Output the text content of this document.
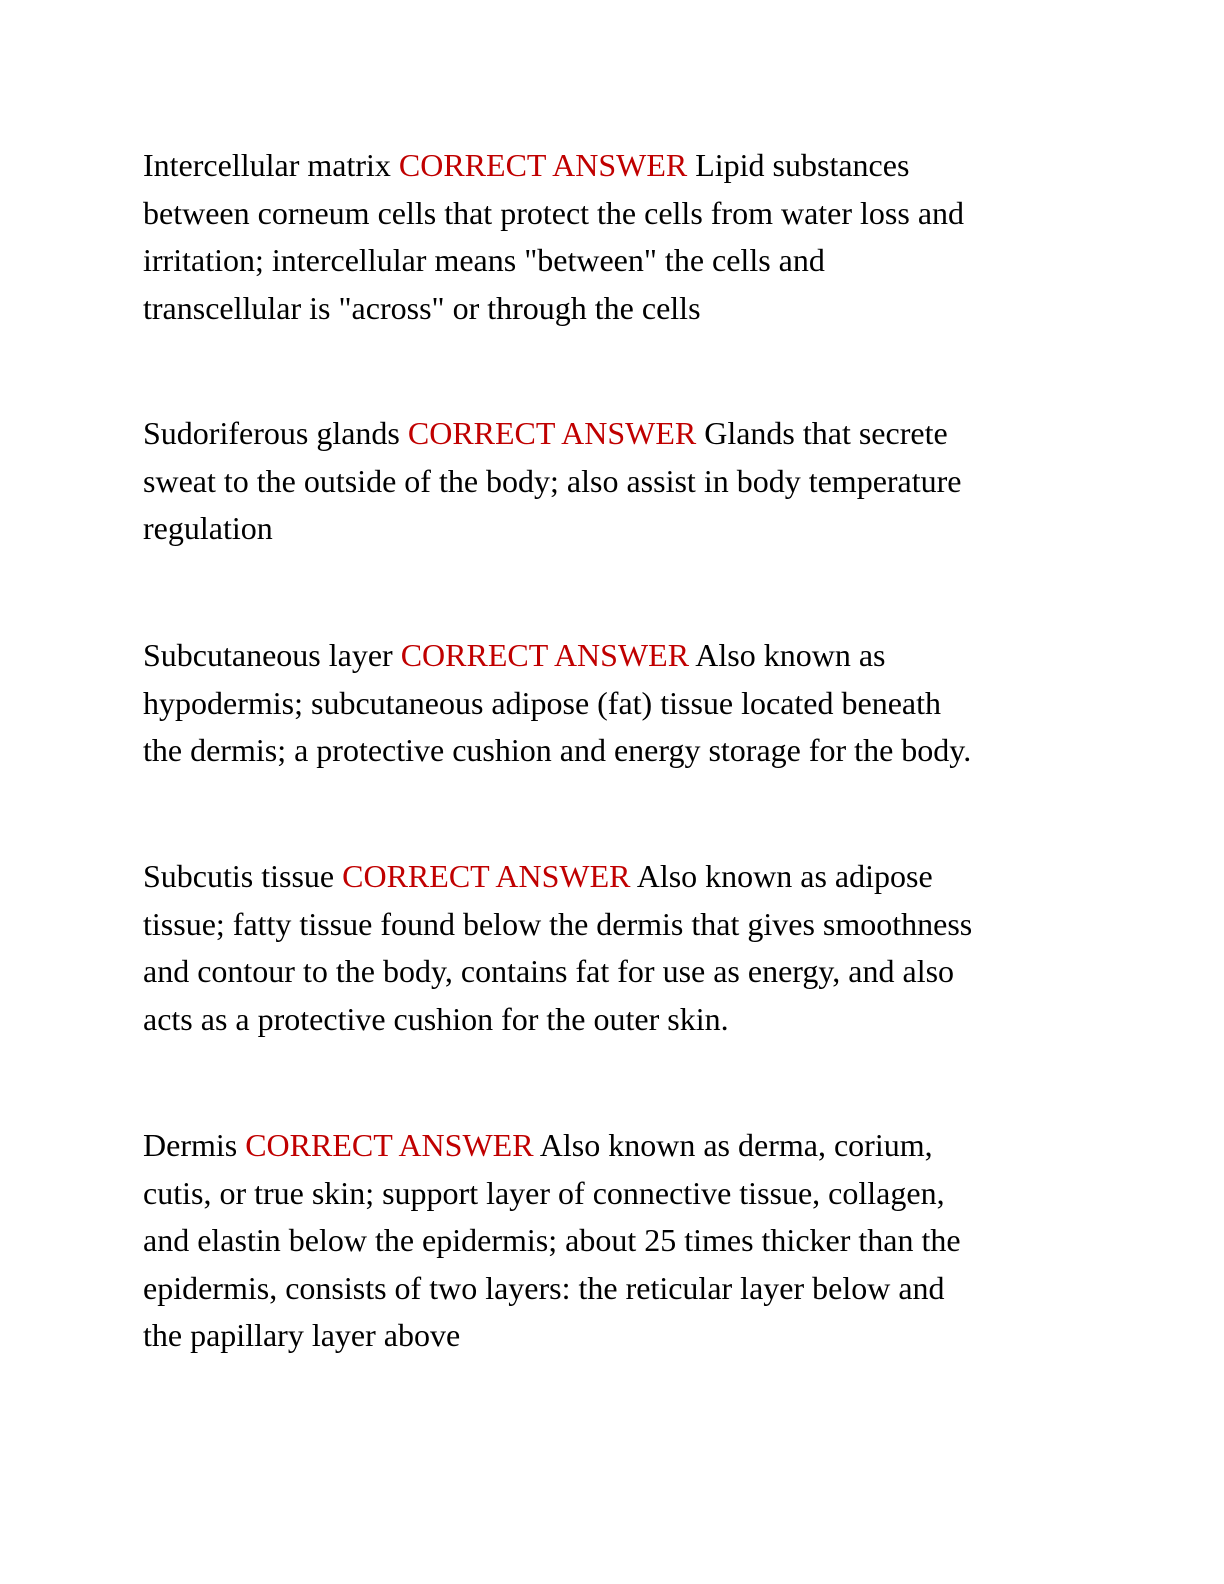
Intercellular matrix CORRECT ANSWER Lipid substances
between corneum cells that protect the cells from water loss and
irritation; intercellular means "between" the cells and
transcellular is "across" or through the cells
Sudoriferous glands CORRECT ANSWER Glands that secrete
sweat to the outside of the body; also assist in body temperature
regulation
Subcutaneous layer CORRECT ANSWER Also known as
hypodermis; subcutaneous adipose (fat) tissue located beneath
the dermis; a protective cushion and energy storage for the body.
Subcutis tissue CORRECT ANSWER Also known as adipose
tissue; fatty tissue found below the dermis that gives smoothness
and contour to the body, contains fat for use as energy, and also
acts as a protective cushion for the outer skin.
Dermis CORRECT ANSWER Also known as derma, corium,
cutis, or true skin; support layer of connective tissue, collagen,
and elastin below the epidermis; about 25 times thicker than the
epidermis, consists of two layers: the reticular layer below and
the papillary layer above
